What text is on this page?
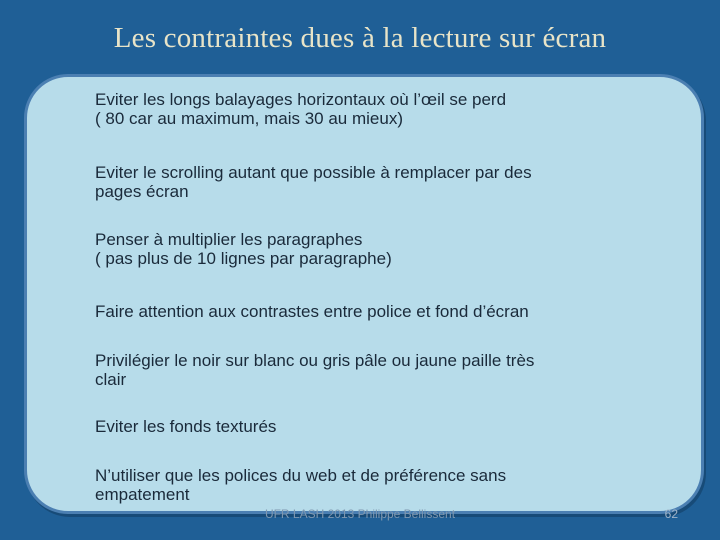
Les contraintes dues à la lecture sur écran
Eviter les longs balayages horizontaux où l’œil se perd
( 80 car au maximum, mais 30 au mieux)
Eviter le scrolling autant que possible à remplacer par des
pages écran
Penser à multiplier les paragraphes
( pas plus de 10 lignes par paragraphe)
Faire attention aux contrastes entre police et fond d’écran
Privilégier le noir sur blanc ou gris pâle ou jaune paille très
clair
Eviter les fonds texturés
N’utiliser que les polices du web et de préférence sans
empatement
UFR LASH 2013 Philippe Bellissent	62
